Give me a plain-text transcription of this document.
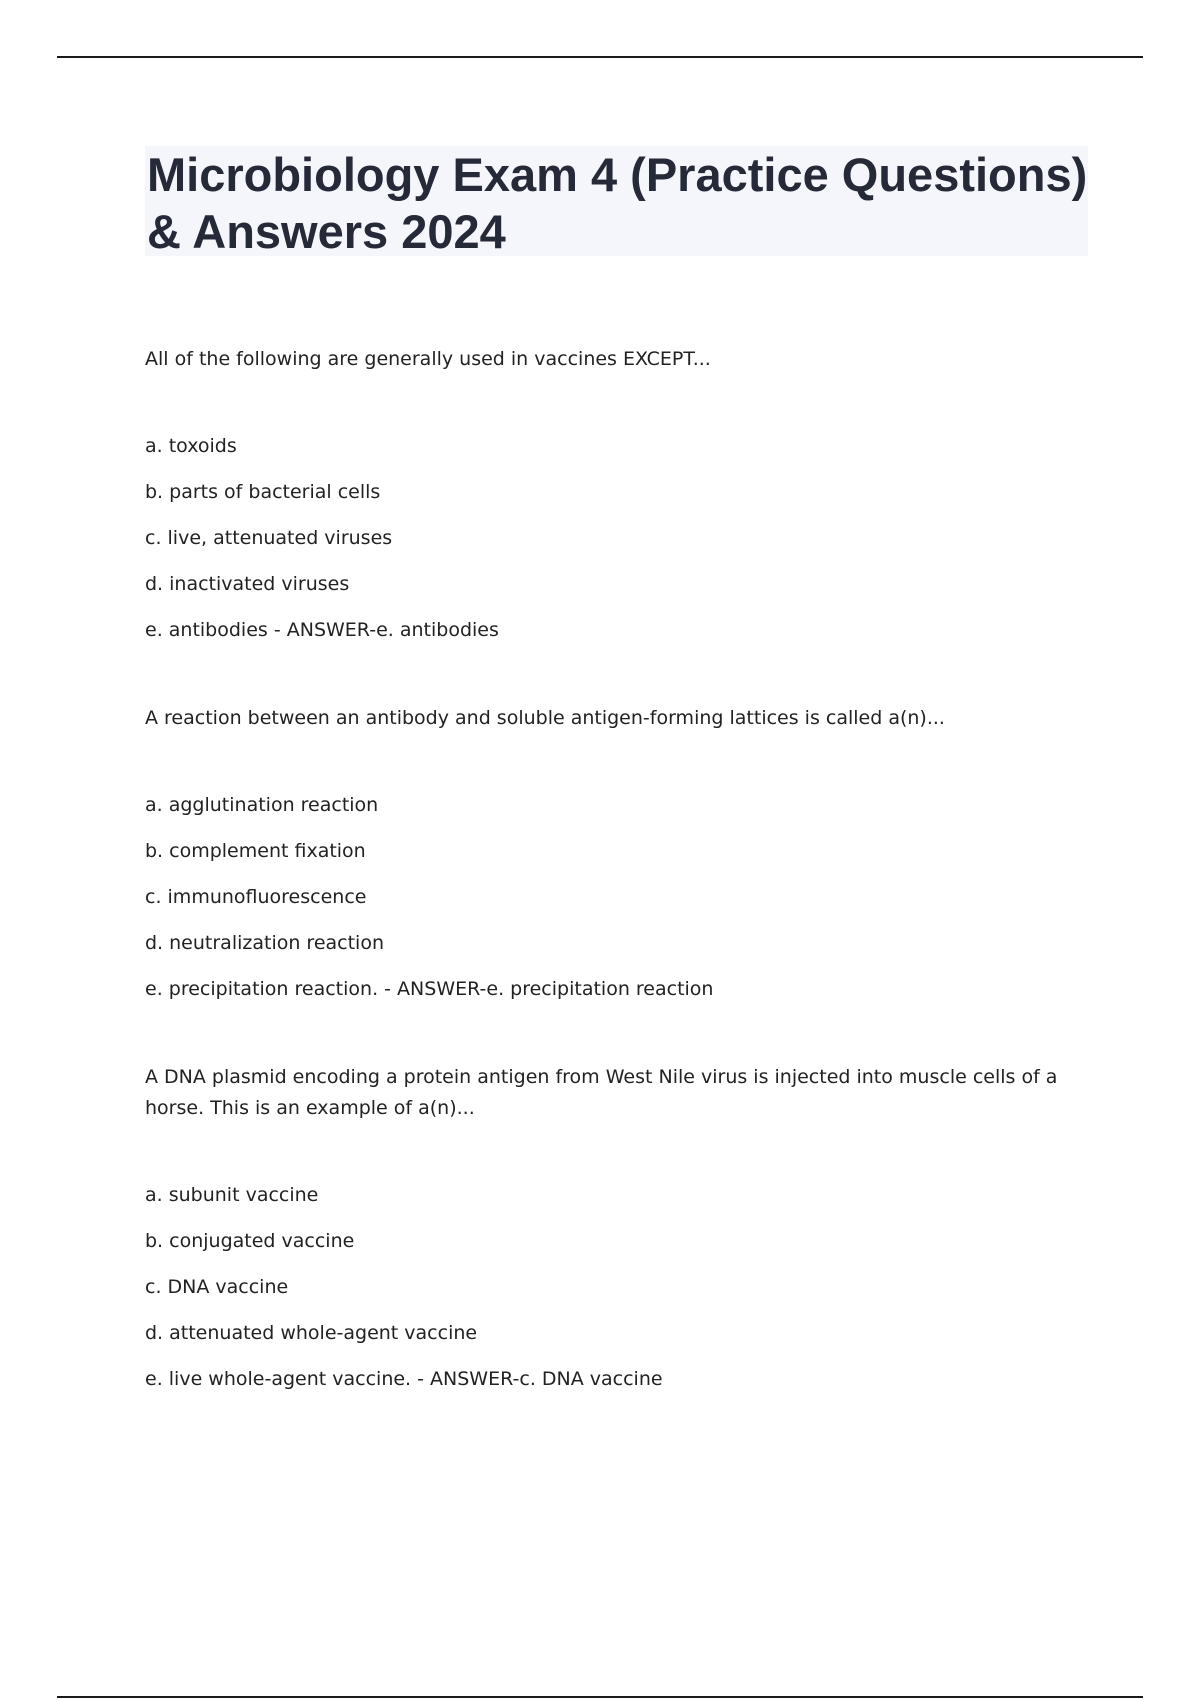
Microbiology Exam 4 (Practice Questions) & Answers 2024

All of the following are generally used in vaccines EXCEPT...

a. toxoids
b. parts of bacterial cells
c. live, attenuated viruses
d. inactivated viruses
e. antibodies - ANSWER-e. antibodies

A reaction between an antibody and soluble antigen-forming lattices is called a(n)...

a. agglutination reaction
b. complement fixation
c. immunofluorescence
d. neutralization reaction
e. precipitation reaction. - ANSWER-e. precipitation reaction

A DNA plasmid encoding a protein antigen from West Nile virus is injected into muscle cells of a horse. This is an example of a(n)...

a. subunit vaccine
b. conjugated vaccine
c. DNA vaccine
d. attenuated whole-agent vaccine
e. live whole-agent vaccine. - ANSWER-c. DNA vaccine
